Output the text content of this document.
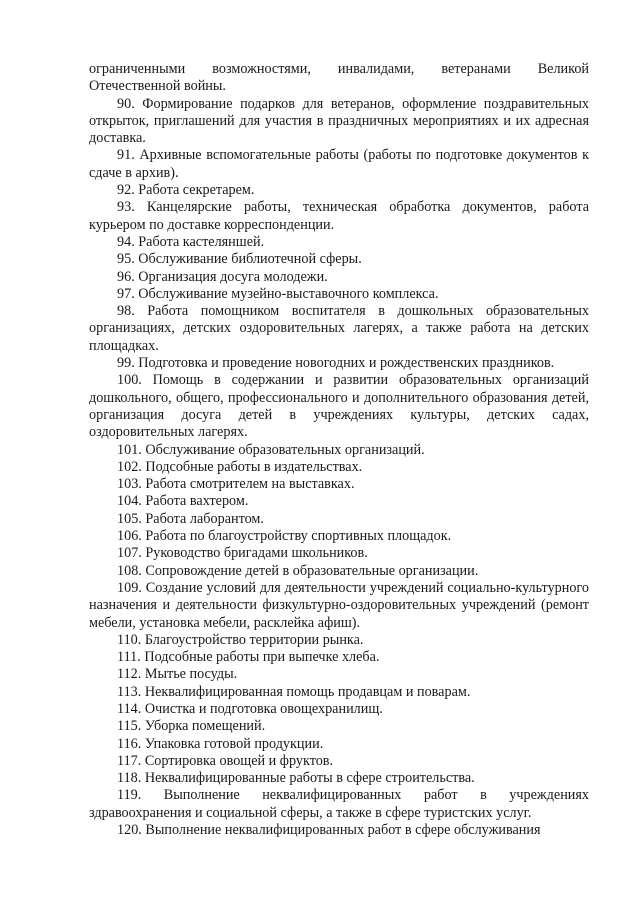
ограниченными возможностями, инвалидами, ветеранами Великой Отечественной войны.

90. Формирование подарков для ветеранов, оформление поздравительных открыток, приглашений для участия в праздничных мероприятиях и их адресная доставка.

91. Архивные вспомогательные работы (работы по подготовке документов к сдаче в архив).

92. Работа секретарем.

93. Канцелярские работы, техническая обработка документов, работа курьером по доставке корреспонденции.

94. Работа кастеляншей.

95. Обслуживание библиотечной сферы.

96. Организация досуга молодежи.

97. Обслуживание музейно-выставочного комплекса.

98. Работа помощником воспитателя в дошкольных образовательных организациях, детских оздоровительных лагерях, а также работа на детских площадках.

99. Подготовка и проведение новогодних и рождественских праздников.

100. Помощь в содержании и развитии образовательных организаций дошкольного, общего, профессионального и дополнительного образования детей, организация досуга детей в учреждениях культуры, детских садах, оздоровительных лагерях.

101. Обслуживание образовательных организаций.

102. Подсобные работы в издательствах.

103. Работа смотрителем на выставках.

104. Работа вахтером.

105. Работа лаборантом.

106. Работа по благоустройству спортивных площадок.

107. Руководство бригадами школьников.

108. Сопровождение детей в образовательные организации.

109. Создание условий для деятельности учреждений социально-культурного назначения и деятельности физкультурно-оздоровительных учреждений (ремонт мебели, установка мебели, расклейка афиш).

110. Благоустройство территории рынка.

111. Подсобные работы при выпечке хлеба.

112. Мытье посуды.

113. Неквалифицированная помощь продавцам и поварам.

114. Очистка и подготовка овощехранилищ.

115. Уборка помещений.

116. Упаковка готовой продукции.

117. Сортировка овощей и фруктов.

118. Неквалифицированные работы в сфере строительства.

119. Выполнение неквалифицированных работ в учреждениях здравоохранения и социальной сферы, а также в сфере туристских услуг.

120. Выполнение неквалифицированных работ в сфере обслуживания
